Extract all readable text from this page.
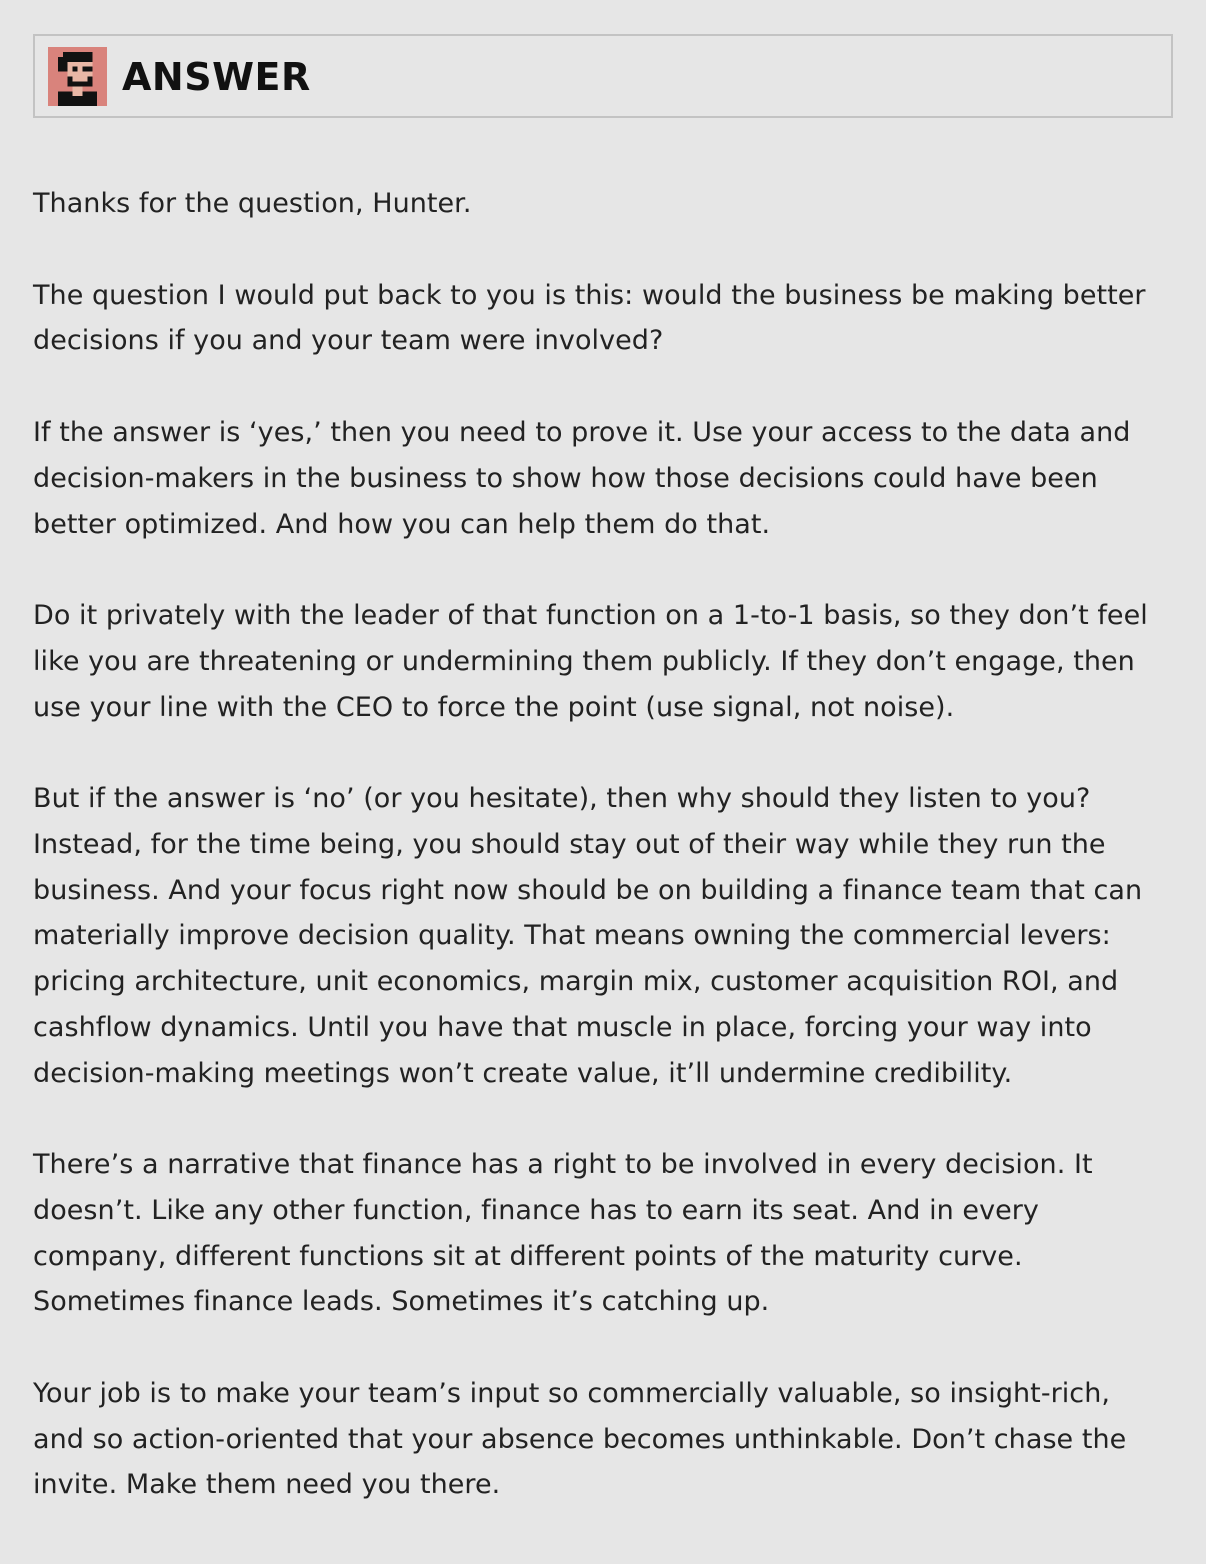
ANSWER

Thanks for the question, Hunter.

The question I would put back to you is this: would the business be making better
decisions if you and your team were involved?

If the answer is ‘yes,’ then you need to prove it. Use your access to the data and
decision-makers in the business to show how those decisions could have been
better optimized. And how you can help them do that.

Do it privately with the leader of that function on a 1-to-1 basis, so they don’t feel
like you are threatening or undermining them publicly. If they don’t engage, then
use your line with the CEO to force the point (use signal, not noise).

But if the answer is ‘no’ (or you hesitate), then why should they listen to you?
Instead, for the time being, you should stay out of their way while they run the
business. And your focus right now should be on building a finance team that can
materially improve decision quality. That means owning the commercial levers:
pricing architecture, unit economics, margin mix, customer acquisition ROI, and
cashflow dynamics. Until you have that muscle in place, forcing your way into
decision-making meetings won’t create value, it’ll undermine credibility.

There’s a narrative that finance has a right to be involved in every decision. It
doesn’t. Like any other function, finance has to earn its seat. And in every
company, different functions sit at different points of the maturity curve.
Sometimes finance leads. Sometimes it’s catching up.

Your job is to make your team’s input so commercially valuable, so insight-rich,
and so action-oriented that your absence becomes unthinkable. Don’t chase the
invite. Make them need you there.
